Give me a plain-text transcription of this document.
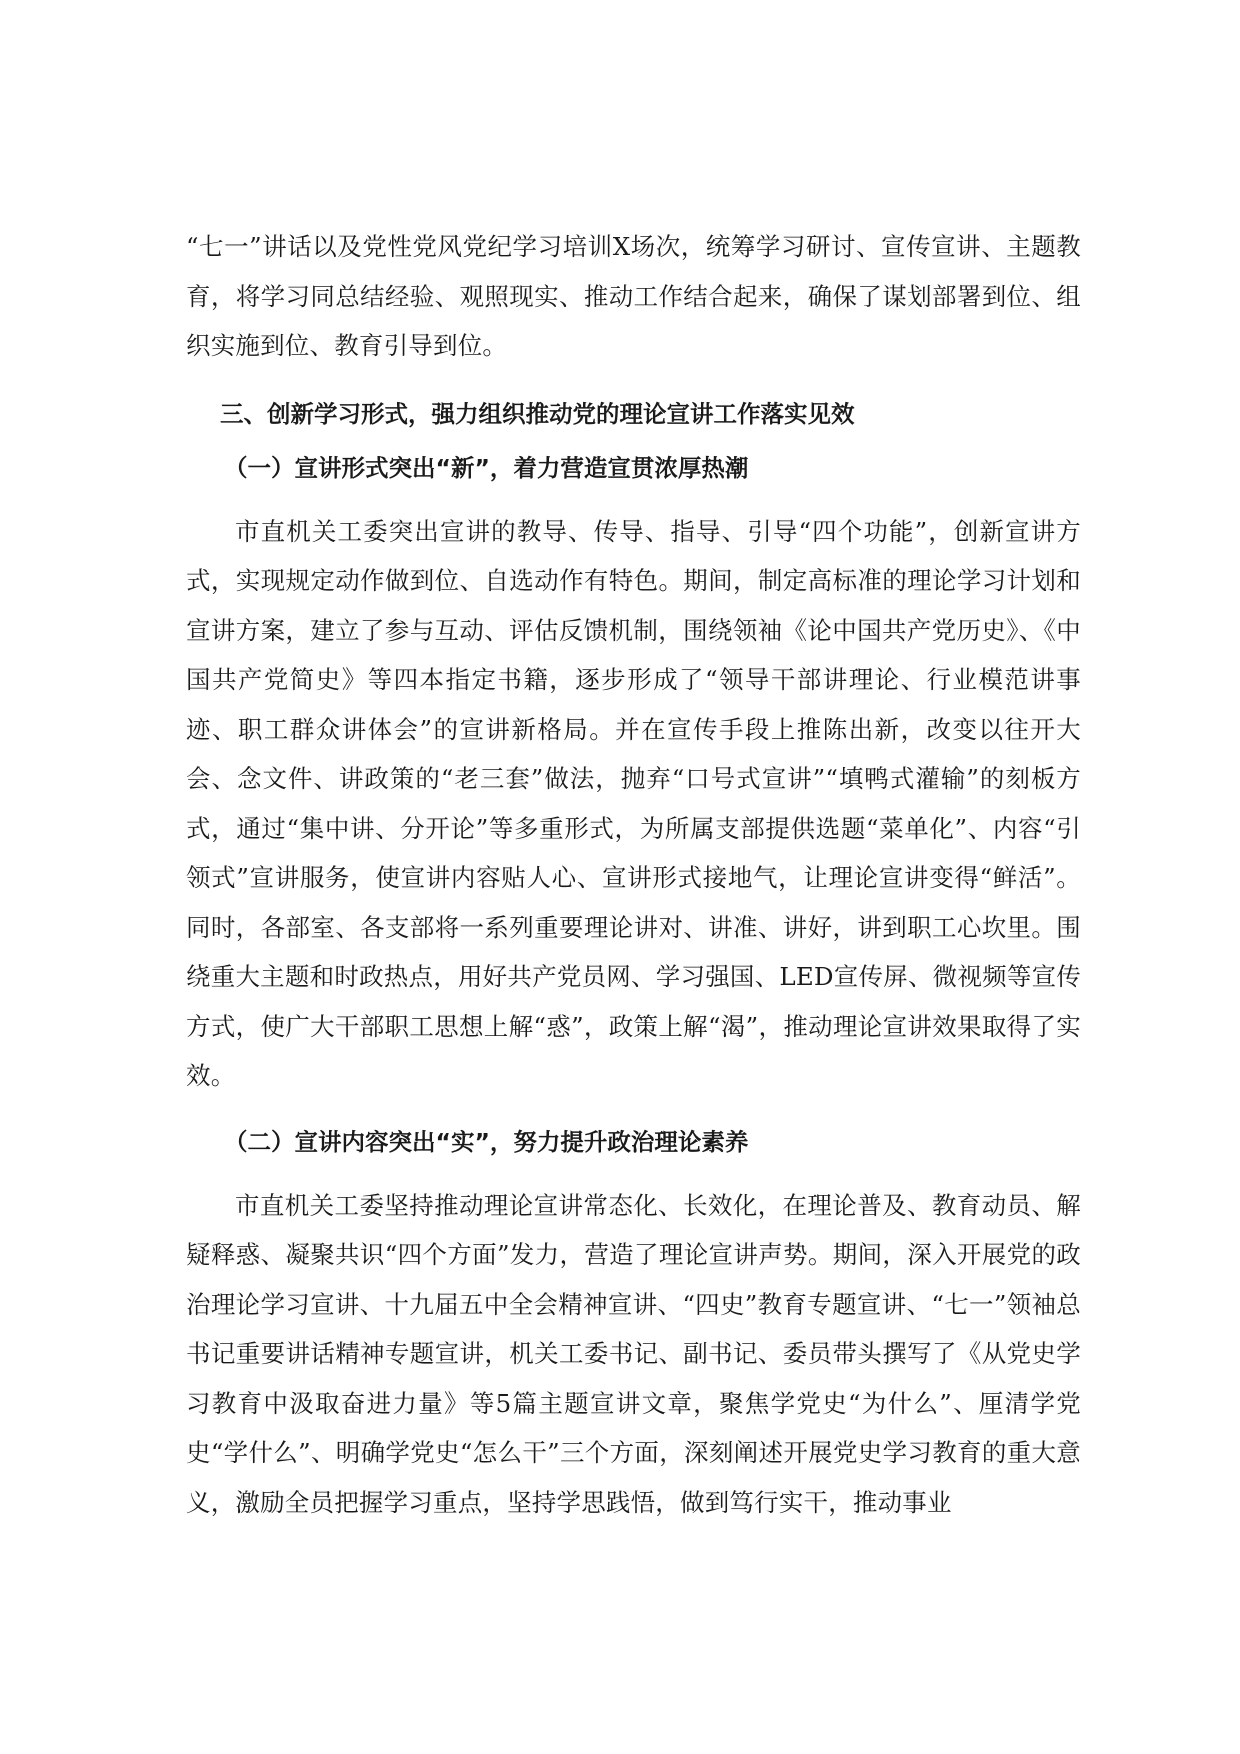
“七一”讲话以及党性党风党纪学习培训X场次，统筹学习研讨、宣传宣讲、主题教育，将学习同总结经验、观照现实、推动工作结合起来，确保了谋划部署到位、组织实施到位、教育引导到位。

三、创新学习形式，强力组织推动党的理论宣讲工作落实见效

（一）宣讲形式突出“新”，着力营造宣贯浓厚热潮

市直机关工委突出宣讲的教导、传导、指导、引导“四个功能”，创新宣讲方式，实现规定动作做到位、自选动作有特色。期间，制定高标准的理论学习计划和宣讲方案，建立了参与互动、评估反馈机制，围绕领袖《论中国共产党历史》、《中国共产党简史》等四本指定书籍，逐步形成了“领导干部讲理论、行业模范讲事迹、职工群众讲体会”的宣讲新格局。并在宣传手段上推陈出新，改变以往开大会、念文件、讲政策的“老三套”做法，抛弃“口号式宣讲”“填鸭式灌输”的刻板方式，通过“集中讲、分开论”等多重形式，为所属支部提供选题“菜单化”、内容“引领式”宣讲服务，使宣讲内容贴人心、宣讲形式接地气，让理论宣讲变得“鲜活”。同时，各部室、各支部将一系列重要理论讲对、讲准、讲好，讲到职工心坎里。围绕重大主题和时政热点，用好共产党员网、学习强国、LED宣传屏、微视频等宣传方式，使广大干部职工思想上解“惑”，政策上解“渴”，推动理论宣讲效果取得了实效。

（二）宣讲内容突出“实”，努力提升政治理论素养

市直机关工委坚持推动理论宣讲常态化、长效化，在理论普及、教育动员、解疑释惑、凝聚共识“四个方面”发力，营造了理论宣讲声势。期间，深入开展党的政治理论学习宣讲、十九届五中全会精神宣讲、“四史”教育专题宣讲、“七一”领袖总书记重要讲话精神专题宣讲，机关工委书记、副书记、委员带头撰写了《从党史学习教育中汲取奋进力量》等5篇主题宣讲文章，聚焦学党史“为什么”、厘清学党史“学什么”、明确学党史“怎么干”三个方面，深刻阐述开展党史学习教育的重大意义，激励全员把握学习重点，坚持学思践悟，做到笃行实干，推动事业
